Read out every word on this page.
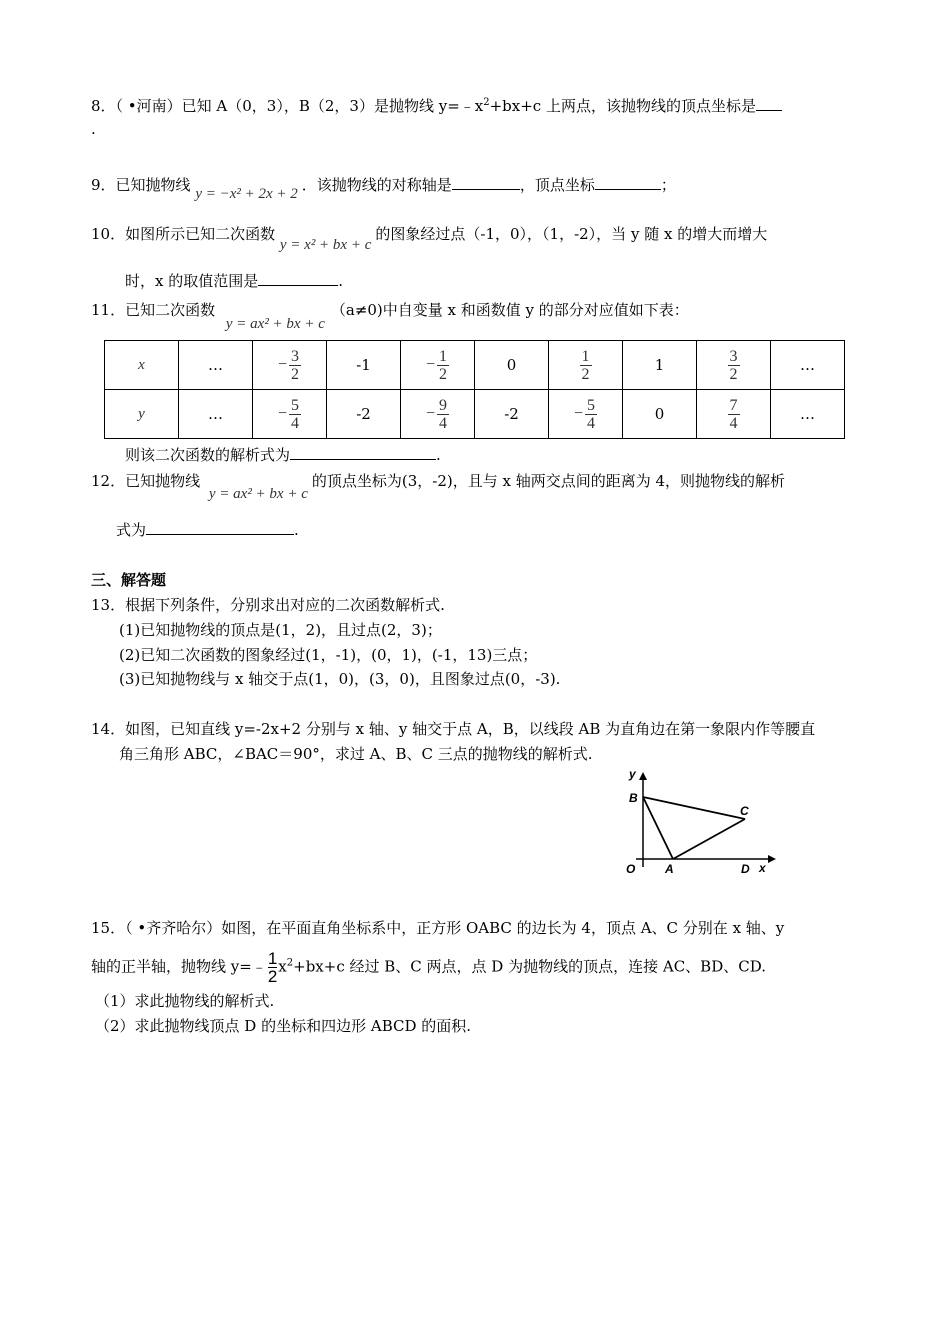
8．（ •河南）已知 A（0，3），B（2，3）是抛物线 $y=﹣x^2+bx+c$ 上两点，该抛物线的顶点坐标是
.
9．已知抛物线 y = −x² + 2x + 2 ．该抛物线的对称轴是	，顶点坐标	；
10．如图所示已知二次函数 y = x² + bx + c的图象经过点（-1，0），（1，-2），当 y 随 x 的增大而增大
时，x 的取值范围是	.
11．已知二次函数 y = ax² + bx + c（a≠0)中自变量 x 和函数值 y 的部分对应值如下表：
x	…	− $\frac{3}{2}$	-1	− $\frac{1}{2}$	0	$\frac{1}{2}$	1	$\frac{3}{2}$	…
y	…	− $\frac{5}{4}$	-2	− $\frac{9}{4}$	-2	− $\frac{5}{4}$	0	$\frac{7}{4}$	…
则该二次函数的解析式为	.
12．已知抛物线 y = ax² + bx + c的顶点坐标为(3，-2)，且与 x 轴两交点间的距离为 4，则抛物线的解析
式为	.
三、解答题
13．根据下列条件，分别求出对应的二次函数解析式.
(1)已知抛物线的顶点是(1，2)，且过点(2，3)；
(2)已知二次函数的图象经过(1，-1)，(0，1)，(-1，13)三点；
(3)已知抛物线与 x 轴交于点(1，0)，(3，0)，且图象过点(0，-3).
14．如图，已知直线 y=-2x+2 分别与 x 轴、y 轴交于点 A，B，以线段 AB 为直角边在第一象限内作等腰直
角三角形 ABC，∠BAC＝90°，求过 A、B、C 三点的抛物线的解析式.
y
B
C
O A	D x
15．（ •齐齐哈尔）如图，在平面直角坐标系中，正方形 OABC 的边长为 4，顶点 A、C 分别在 x 轴、y
轴的正半轴，抛物线 y=﹣ $\frac{1}{2} x^2+bx+c$ 经过 B、C 两点，点 D 为抛物线的顶点，连接 AC、BD、CD.
（1）求此抛物线的解析式.
（2）求此抛物线顶点 D 的坐标和四边形 ABCD 的面积.
